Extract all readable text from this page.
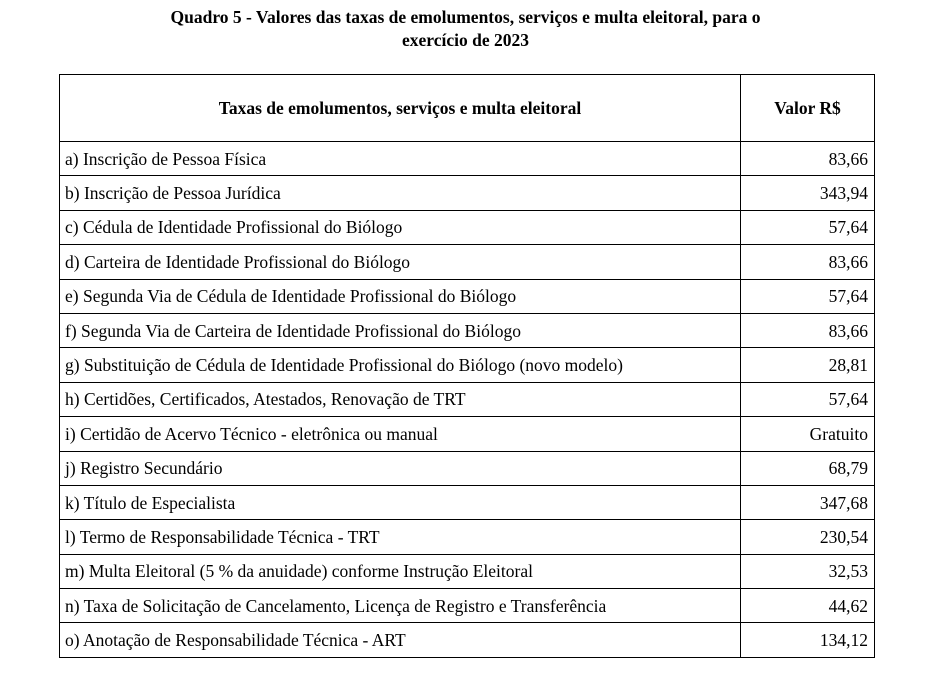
Quadro 5 - Valores das taxas de emolumentos, serviços e multa eleitoral, para o
exercício de 2023
Taxas de emolumentos, serviços e multa eleitoral	Valor R$
a) Inscrição de Pessoa Física	83,66
b) Inscrição de Pessoa Jurídica	343,94
c) Cédula de Identidade Profissional do Biólogo	57,64
d) Carteira de Identidade Profissional do Biólogo	83,66
e) Segunda Via de Cédula de Identidade Profissional do Biólogo	57,64
f) Segunda Via de Carteira de Identidade Profissional do Biólogo	83,66
g) Substituição de Cédula de Identidade Profissional do Biólogo (novo modelo)	28,81
h) Certidões, Certificados, Atestados, Renovação de TRT	57,64
i) Certidão de Acervo Técnico - eletrônica ou manual	Gratuito
j) Registro Secundário	68,79
k) Título de Especialista	347,68
l) Termo de Responsabilidade Técnica - TRT	230,54
m) Multa Eleitoral (5 % da anuidade) conforme Instrução Eleitoral	32,53
n) Taxa de Solicitação de Cancelamento, Licença de Registro e Transferência	44,62
o) Anotação de Responsabilidade Técnica - ART	134,12
